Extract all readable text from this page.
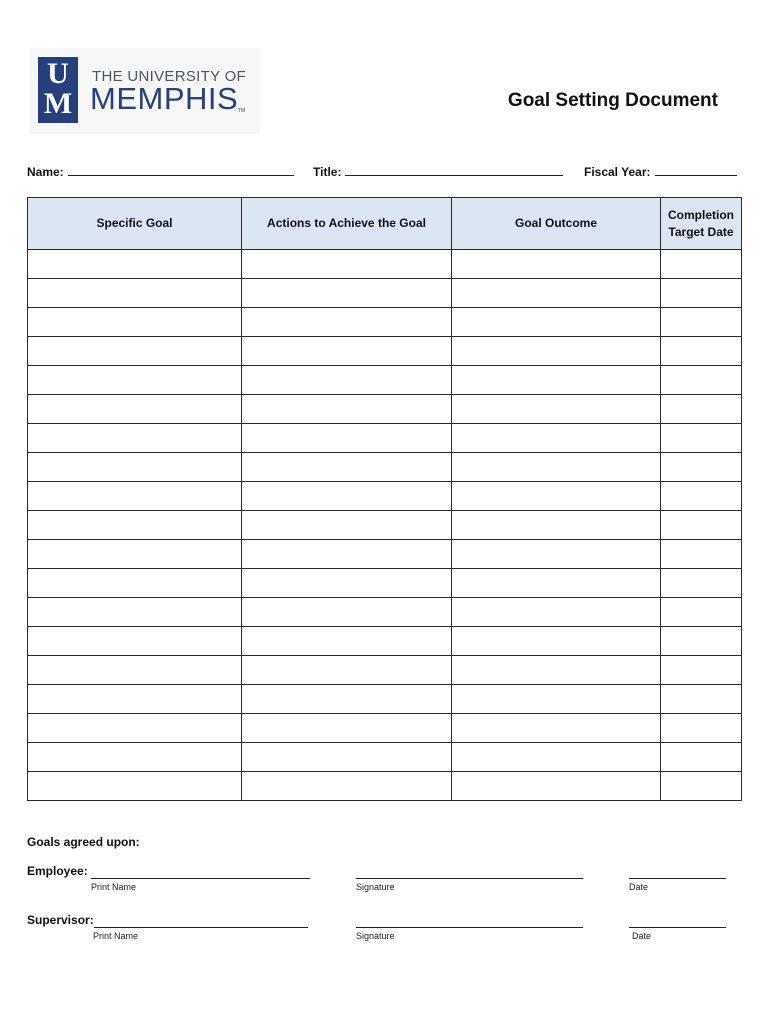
U
M
THE UNIVERSITY OF
MEMPHIS TM	Goal Setting Document
Name:	Title:	Fiscal Year:
Specific Goal	Actions to Achieve the Goal	Goal Outcome	Completion Target Date

Goals agreed upon:
Employee:
Print Name	Signature	Date
Supervisor:
Print Name	Signature	Date
